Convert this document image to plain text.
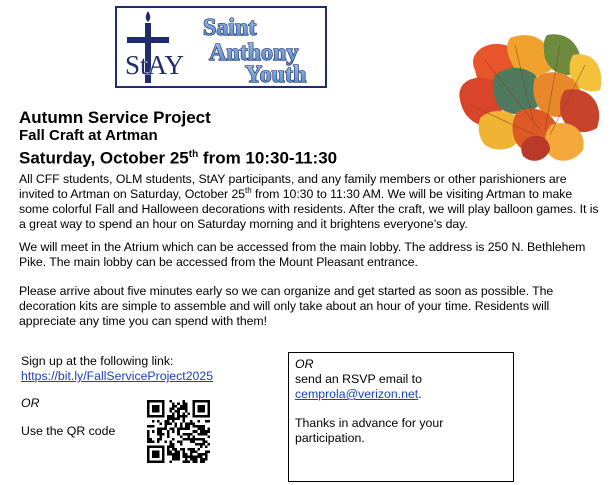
StAY
Saint
Anthony
Youth
Autumn Service Project
Fall Craft at Artman
Saturday, October 25th from 10:30-11:30

All CFF students, OLM students, StAY participants, and any family members or other parishioners are invited to Artman on Saturday, October 25th from 10:30 to 11:30 AM. We will be visiting Artman to make some colorful Fall and Halloween decorations with residents. After the craft, we will play balloon games. It is a great way to spend an hour on Saturday morning and it brightens everyone’s day.

We will meet in the Atrium which can be accessed from the main lobby. The address is 250 N. Bethlehem Pike. The main lobby can be accessed from the Mount Pleasant entrance.

Please arrive about five minutes early so we can organize and get started as soon as possible. The decoration kits are simple to assemble and will only take about an hour of your time. Residents will appreciate any time you can spend with them!

Sign up at the following link:
https://bit.ly/FallServiceProject2025
OR
Use the QR code
OR
send an RSVP email to
cemprola@verizon.net.
Thanks in advance for your participation.
